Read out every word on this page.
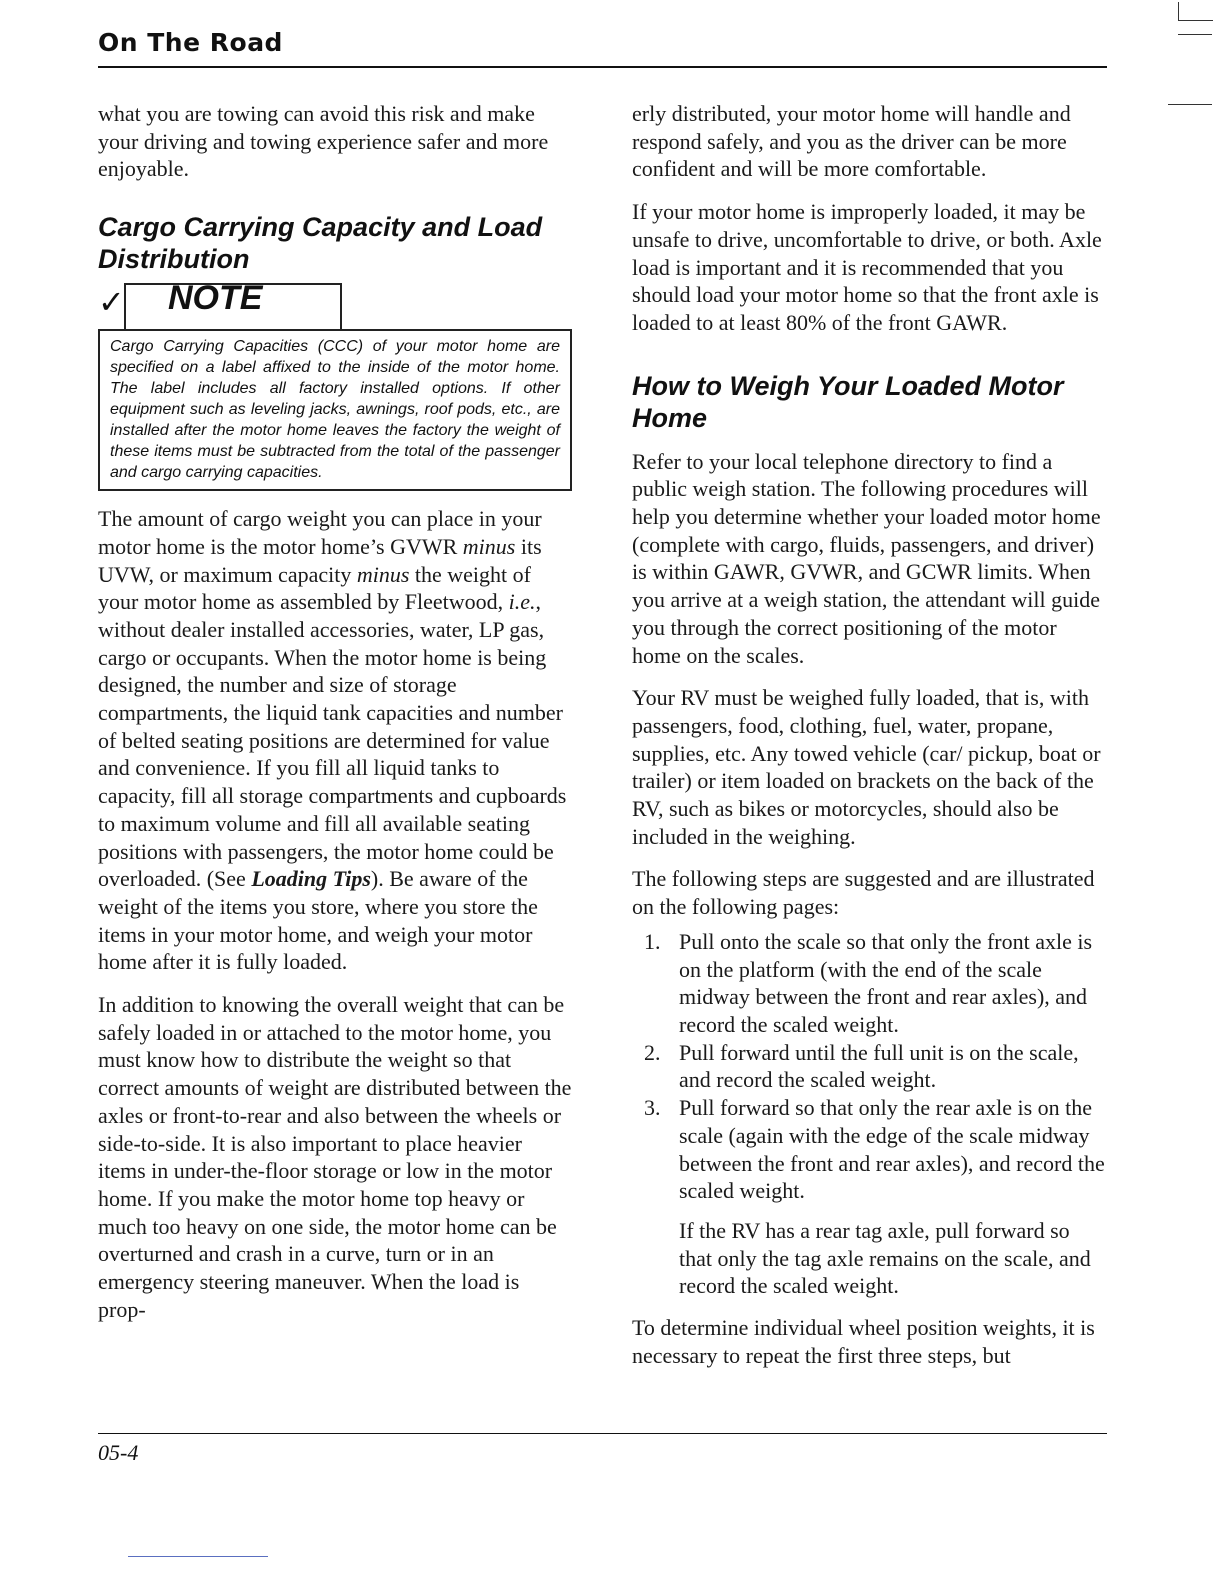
On The Road

what you are towing can avoid this risk and make your driving and towing experience safer and more enjoyable.

Cargo Carrying Capacity and Load Distribution
✓ NOTE
Cargo Carrying Capacities (CCC) of your motor home are specified on a label affixed to the inside of the motor home. The label includes all factory installed options. If other equipment such as leveling jacks, awnings, roof pods, etc., are installed after the motor home leaves the factory the weight of these items must be subtracted from the total of the passenger and cargo carrying capacities.

The amount of cargo weight you can place in your motor home is the motor home’s GVWR minus its UVW, or maximum capacity minus the weight of your motor home as assembled by Fleetwood, i.e., without dealer installed accessories, water, LP gas, cargo or occupants. When the motor home is being designed, the number and size of storage compartments, the liquid tank capacities and number of belted seating positions are determined for value and convenience. If you fill all liquid tanks to capacity, fill all storage compartments and cupboards to maximum volume and fill all available seating positions with passengers, the motor home could be overloaded. (See Loading Tips). Be aware of the weight of the items you store, where you store the items in your motor home, and weigh your motor home after it is fully loaded.

In addition to knowing the overall weight that can be safely loaded in or attached to the motor home, you must know how to distribute the weight so that correct amounts of weight are distributed between the axles or front-to-rear and also between the wheels or side-to-side. It is also important to place heavier items in under-the-floor storage or low in the motor home. If you make the motor home top heavy or much too heavy on one side, the motor home can be overturned and crash in a curve, turn or in an emergency steering maneuver. When the load is prop-

erly distributed, your motor home will handle and respond safely, and you as the driver can be more confident and will be more comfortable.

If your motor home is improperly loaded, it may be unsafe to drive, uncomfortable to drive, or both. Axle load is important and it is recommended that you should load your motor home so that the front axle is loaded to at least 80% of the front GAWR.

How to Weigh Your Loaded Motor Home

Refer to your local telephone directory to find a public weigh station. The following procedures will help you determine whether your loaded motor home (complete with cargo, fluids, passengers, and driver) is within GAWR, GVWR, and GCWR limits. When you arrive at a weigh station, the attendant will guide you through the correct positioning of the motor home on the scales.

Your RV must be weighed fully loaded, that is, with passengers, food, clothing, fuel, water, propane, supplies, etc. Any towed vehicle (car/ pickup, boat or trailer) or item loaded on brackets on the back of the RV, such as bikes or motorcycles, should also be included in the weighing.

The following steps are suggested and are illustrated on the following pages:

1. Pull onto the scale so that only the front axle is on the platform (with the end of the scale midway between the front and rear axles), and record the scaled weight.
2. Pull forward until the full unit is on the scale, and record the scaled weight.
3. Pull forward so that only the rear axle is on the scale (again with the edge of the scale midway between the front and rear axles), and record the scaled weight.
If the RV has a rear tag axle, pull forward so that only the tag axle remains on the scale, and record the scaled weight.

To determine individual wheel position weights, it is necessary to repeat the first three steps, but

05-4
